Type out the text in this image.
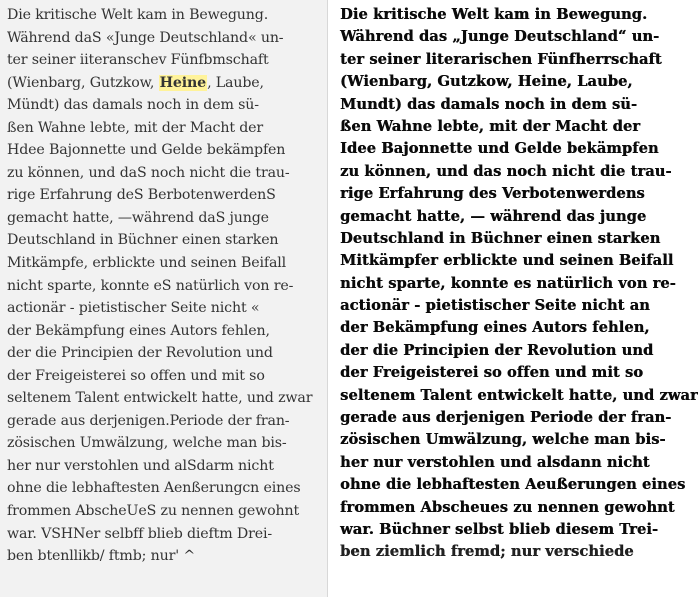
Die kritische Welt kam in Bewegung.
Während daS «Junge Deutschland« un-
ter seiner iiteranschev Fünfbmschaft
(Wienbarg, Gutzkow, Heine, Laube,
Mündt) das damals noch in dem sü-
ßen Wahne lebte, mit der Macht der
Hdee Bajonnette und Gelde bekämpfen
zu können, und daS noch nicht die trau-
rige Erfahrung deS BerbotenwerdenS
gemacht hatte, —während daS junge
Deutschland in Büchner einen starken
Mitkämpfe, erblickte und seinen Beifall
nicht sparte, konnte eS natürlich von re-
actionär - pietistischer Seite nicht «
der Bekämpfung eines Autors fehlen,
der die Principien der Revolution und
der Freigeisterei so offen und mit so
seltenem Talent entwickelt hatte, und zwar
gerade aus derjenigen.Periode der fran-
zösischen Umwälzung, welche man bis-
her nur verstohlen und alSdarm nicht
ohne die lebhaftesten Aenßerungcn eines
frommen AbscheUeS zu nennen gewohnt
war. VSHNer selbff blieb dieftm Drei-
ben btenllikb/ ftmb; nur' ^
Die kritische Welt kam in Bewegung.
Während das „Junge Deutschland“ un-
ter seiner literarischen Fünfherrschaft
(Wienbarg, Gutzkow, Heine, Laube,
Mundt) das damals noch in dem sü-
ßen Wahne lebte, mit der Macht der
Idee Bajonnette und Gelde bekämpfen
zu können, und das noch nicht die trau-
rige Erfahrung des Verbotenwerdens
gemacht hatte, — während das junge
Deutschland in Büchner einen starken
Mitkämpfer erblickte und seinen Beifall
nicht sparte, konnte es natürlich von re-
actionär - pietistischer Seite nicht an
der Bekämpfung eines Autors fehlen,
der die Principien der Revolution und
der Freigeisterei so offen und mit so
seltenem Talent entwickelt hatte, und zwar
gerade aus derjenigen Periode der fran-
zösischen Umwälzung, welche man bis-
her nur verstohlen und alsdann nicht
ohne die lebhaftesten Aeußerungen eines
frommen Abscheues zu nennen gewohnt
war. Büchner selbst blieb diesem Trei-
ben ziemlich fremd; nur verschiede
